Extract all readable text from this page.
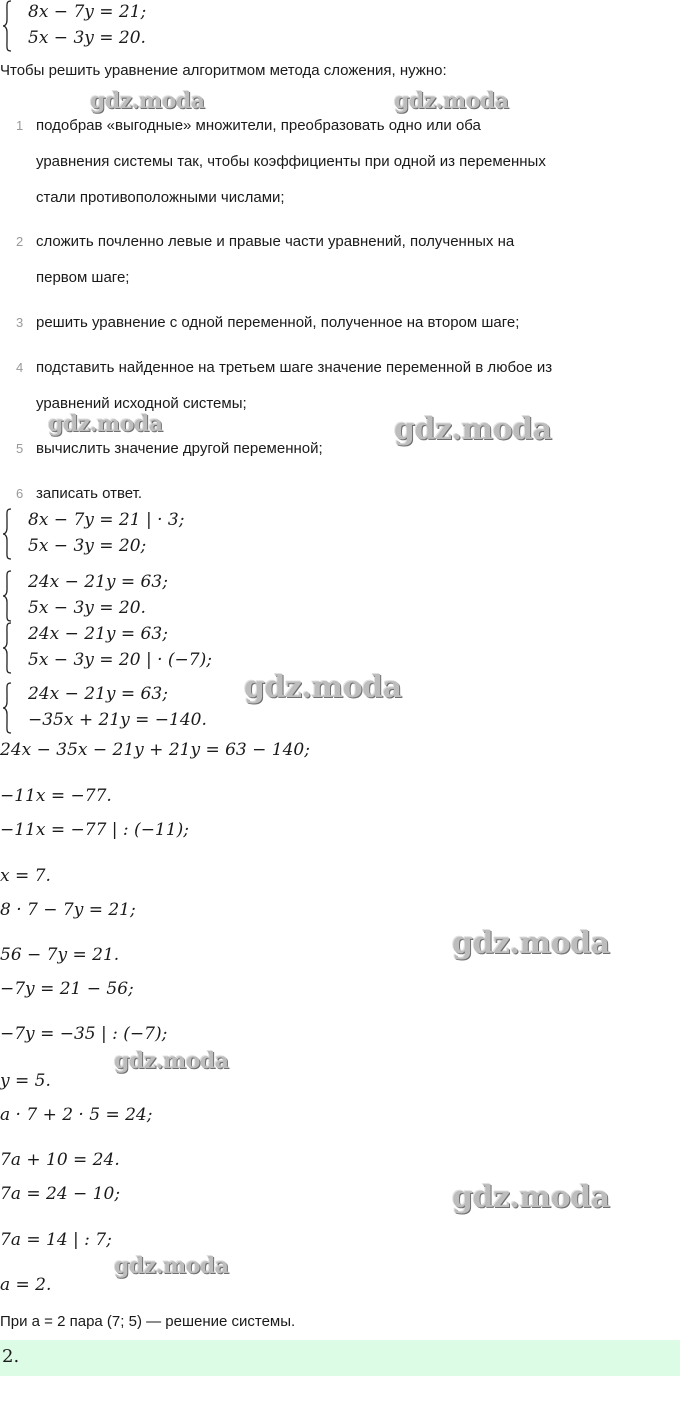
8x − 7y = 21;
5x − 3y = 20.
Чтобы решить уравнение алгоритмом метода сложения, нужно:
gdz.moda	gdz.moda
1 подобрав «выгодные» множители, преобразовать одно или оба
уравнения системы так, чтобы коэффициенты при одной из переменных
стали противоположными числами;
2 сложить почленно левые и правые части уравнений, полученных на
первом шаге;
3 решить уравнение с одной переменной, полученное на втором шаге;
4 подставить найденное на третьем шаге значение переменной в любое из
уравнений исходной системы;
gdz.moda
5 вычислить значение другой переменной;
gdz.moda
6 записать ответ.
8x − 7y = 21 | · 3;
5x − 3y = 20;
24x − 21y = 63;
5x − 3y = 20.
24x − 21y = 63;
5x − 3y = 20 | · (−7);
gdz.moda
24x − 21y = 63;
−35x + 21y = −140.
24x − 35x − 21y + 21y = 63 − 140;
−11x = −77.
−11x = −77 | : (−11);
x = 7.
8 · 7 − 7y = 21;
gdz.moda
56 − 7y = 21.
−7y = 21 − 56;
−7y = −35 | : (−7);
gdz.moda
y = 5.
a · 7 + 2 · 5 = 24;
7a + 10 = 24.
7a = 24 − 10;	gdz.moda
7a = 14 | : 7;
gdz.moda
a = 2.
При a = 2 пара (7; 5) — решение системы.
2.
